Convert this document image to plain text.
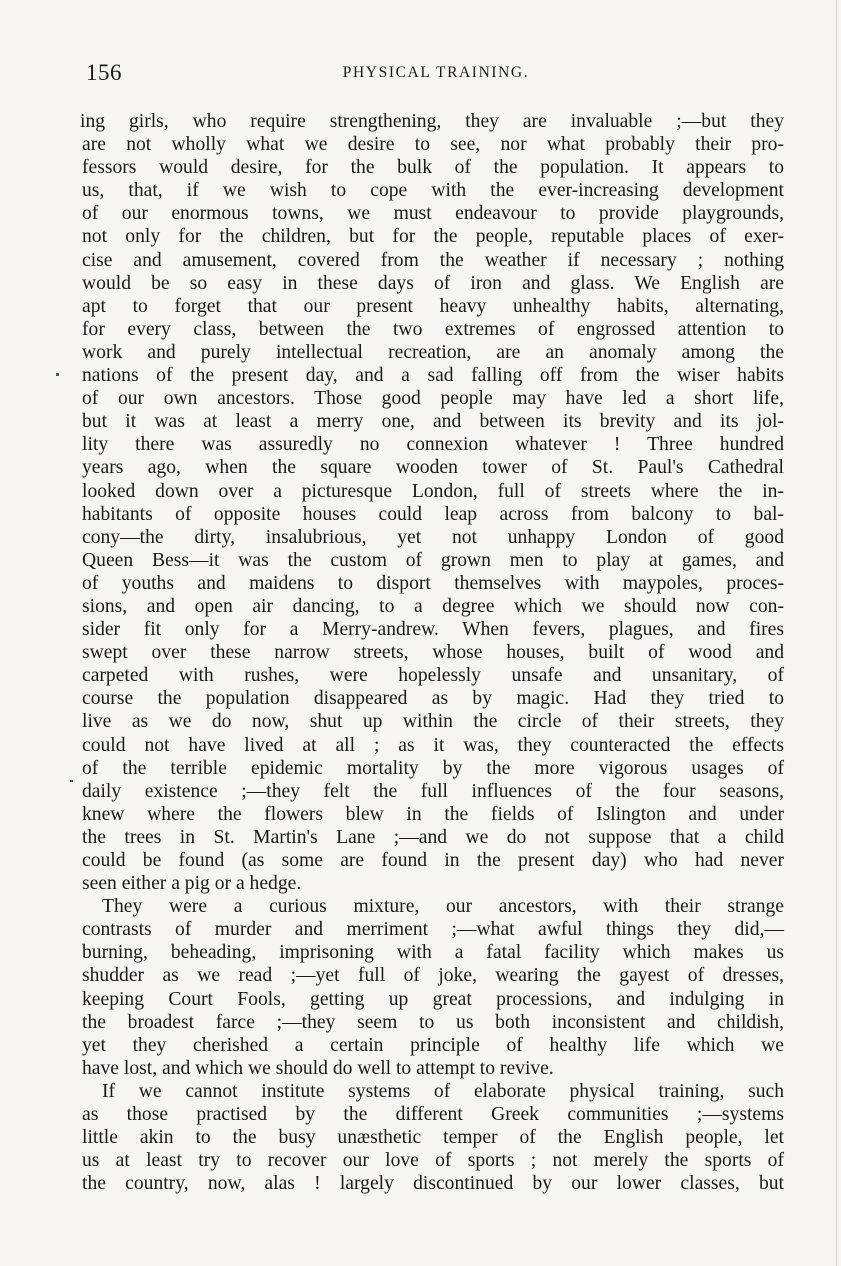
156	PHYSICAL TRAINING.
ing girls, who require strengthening, they are invaluable ;—but they
are not wholly what we desire to see, nor what probably their pro-
fessors would desire, for the bulk of the population. It appears to
us, that, if we wish to cope with the ever-increasing development
of our enormous towns, we must endeavour to provide playgrounds,
not only for the children, but for the people, reputable places of exer-
cise and amusement, covered from the weather if necessary ; nothing
would be so easy in these days of iron and glass. We English are
apt to forget that our present heavy unhealthy habits, alternating,
for every class, between the two extremes of engrossed attention to
work and purely intellectual recreation, are an anomaly among the
nations of the present day, and a sad falling off from the wiser habits
of our own ancestors. Those good people may have led a short life,
but it was at least a merry one, and between its brevity and its jol-
lity there was assuredly no connexion whatever ! Three hundred
years ago, when the square wooden tower of St. Paul's Cathedral
looked down over a picturesque London, full of streets where the in-
habitants of opposite houses could leap across from balcony to bal-
cony—the dirty, insalubrious, yet not unhappy London of good
Queen Bess—it was the custom of grown men to play at games, and
of youths and maidens to disport themselves with maypoles, proces-
sions, and open air dancing, to a degree which we should now con-
sider fit only for a Merry-andrew. When fevers, plagues, and fires
swept over these narrow streets, whose houses, built of wood and
carpeted with rushes, were hopelessly unsafe and unsanitary, of
course the population disappeared as by magic. Had they tried to
live as we do now, shut up within the circle of their streets, they
could not have lived at all ; as it was, they counteracted the effects
of the terrible epidemic mortality by the more vigorous usages of
daily existence ;—they felt the full influences of the four seasons,
knew where the flowers blew in the fields of Islington and under
the trees in St. Martin's Lane ;—and we do not suppose that a child
could be found (as some are found in the present day) who had never
seen either a pig or a hedge.
They were a curious mixture, our ancestors, with their strange
contrasts of murder and merriment ;—what awful things they did,—
burning, beheading, imprisoning with a fatal facility which makes us
shudder as we read ;—yet full of joke, wearing the gayest of dresses,
keeping Court Fools, getting up great processions, and indulging in
the broadest farce ;—they seem to us both inconsistent and childish,
yet they cherished a certain principle of healthy life which we
have lost, and which we should do well to attempt to revive.
If we cannot institute systems of elaborate physical training, such
as those practised by the different Greek communities ;—systems
little akin to the busy unæsthetic temper of the English people, let
us at least try to recover our love of sports ; not merely the sports of
the country, now, alas ! largely discontinued by our lower classes, but
